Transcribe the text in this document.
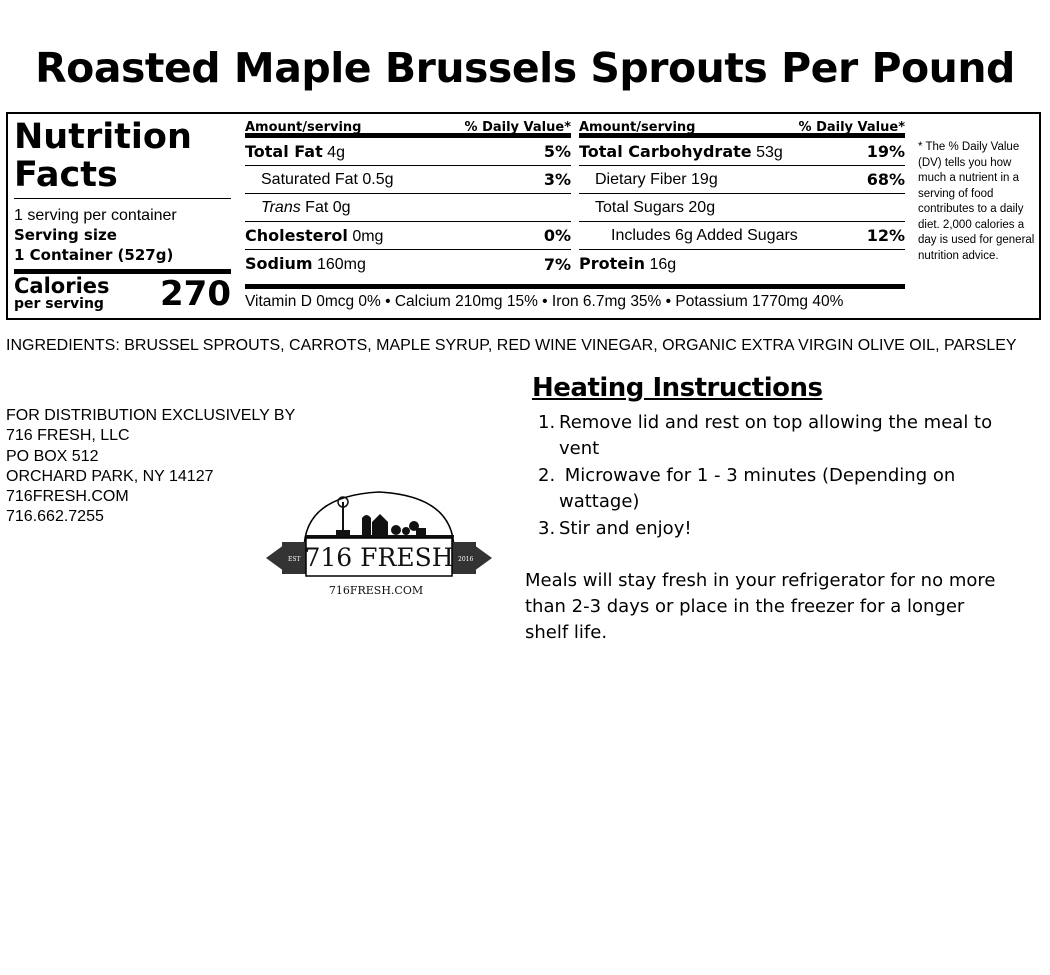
Roasted Maple Brussels Sprouts Per Pound
Nutrition
Facts
1 serving per container
Serving size
1 Container (527g)
Calories
per serving 270
Amount/serving	% Daily Value*
Total Fat 4g	5%
Saturated Fat 0.5g	3%
Trans Fat 0g
Cholesterol 0mg	0%
Sodium 160mg	7%
Amount/serving	% Daily Value*
Total Carbohydrate 53g	19%
Dietary Fiber 19g	68%
Total Sugars 20g
Includes 6g Added Sugars	12%
Protein 16g
Vitamin D 0mcg 0% • Calcium 210mg 15% • Iron 6.7mg 35% • Potassium 1770mg 40%
* The % Daily Value (DV) tells you how much a nutrient in a serving of food contributes to a daily diet. 2,000 calories a day is used for general nutrition advice.
INGREDIENTS: BRUSSEL SPROUTS, CARROTS, MAPLE SYRUP, RED WINE VINEGAR, ORGANIC EXTRA VIRGIN OLIVE OIL, PARSLEY
FOR DISTRIBUTION EXCLUSIVELY BY
716 FRESH, LLC
PO BOX 512
ORCHARD PARK, NY 14127
716FRESH.COM
716.662.7255
EST	2016
716 FRESH
716FRESH.COM
Heating Instructions
1. Remove lid and rest on top allowing the meal to vent
2. Microwave for 1 - 3 minutes (Depending on wattage)
3. Stir and enjoy!
Meals will stay fresh in your refrigerator for no more than 2-3 days or place in the freezer for a longer shelf life.
